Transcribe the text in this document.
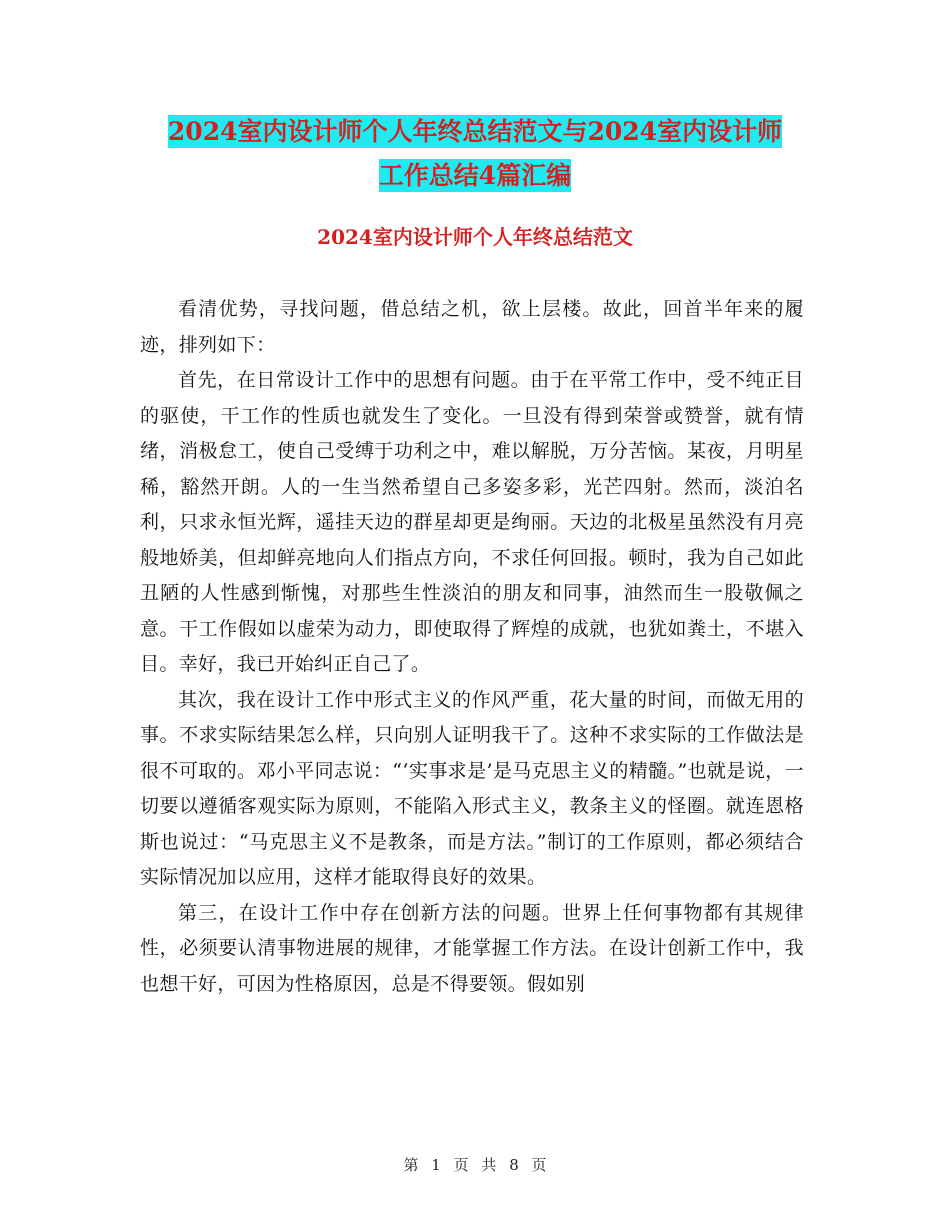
2024室内设计师个人年终总结范文与2024室内设计师
工作总结4篇汇编
2024室内设计师个人年终总结范文

看清优势，寻找问题，借总结之机，欲上层楼。故此，回首半年来的履迹，排列如下：

首先，在日常设计工作中的思想有问题。由于在平常工作中，受不纯正目的驱使，干工作的性质也就发生了变化。一旦没有得到荣誉或赞誉，就有情绪，消极怠工，使自己受缚于功利之中，难以解脱，万分苦恼。某夜，月明星稀，豁然开朗。人的一生当然希望自己多姿多彩，光芒四射。然而，淡泊名利，只求永恒光辉，遥挂天边的群星却更是绚丽。天边的北极星虽然没有月亮般地娇美，但却鲜亮地向人们指点方向，不求任何回报。顿时，我为自己如此丑陋的人性感到惭愧，对那些生性淡泊的朋友和同事，油然而生一股敬佩之意。干工作假如以虚荣为动力，即使取得了辉煌的成就，也犹如粪土，不堪入目。幸好，我已开始纠正自己了。

其次，我在设计工作中形式主义的作风严重，花大量的时间，而做无用的事。不求实际结果怎么样，只向别人证明我干了。这种不求实际的工作做法是很不可取的。邓小平同志说：“‘实事求是’是马克思主义的精髓。”也就是说，一切要以遵循客观实际为原则，不能陷入形式主义，教条主义的怪圈。就连恩格斯也说过：“马克思主义不是教条，而是方法。”制订的工作原则，都必须结合实际情况加以应用，这样才能取得良好的效果。

第三，在设计工作中存在创新方法的问题。世界上任何事物都有其规律性，必须要认清事物进展的规律，才能掌握工作方法。在设计创新工作中，我也想干好，可因为性格原因，总是不得要领。假如别

第 1 页 共 8 页
